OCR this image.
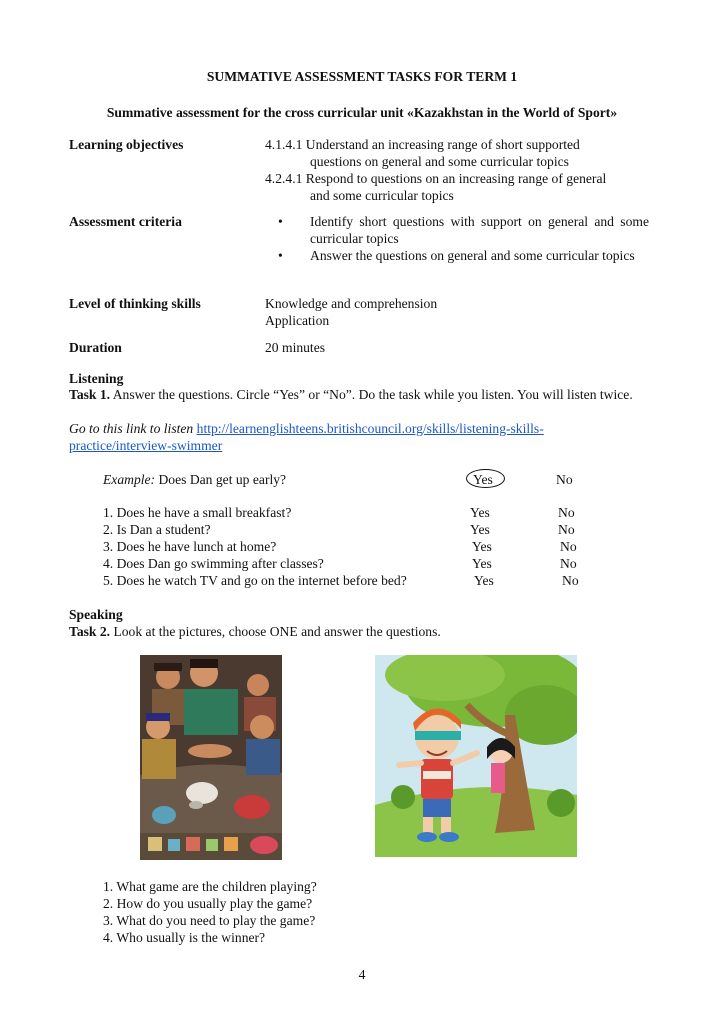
SUMMATIVE ASSESSMENT TASKS FOR TERM 1
Summative assessment for the cross curricular unit «Kazakhstan in the World of Sport»
Learning objectives	4.1.4.1 Understand an increasing range of short supported
questions on general and some curricular topics
4.2.4.1 Respond to questions on an increasing range of general
and some curricular topics
Assessment criteria	• Identify short questions with support on general and some curricular topics
• Answer the questions on general and some curricular topics
Level of thinking skills	Knowledge and comprehension
Application
Duration	20 minutes
Listening
Task 1. Answer the questions. Circle “Yes” or “No”. Do the task while you listen. You will listen twice.
Go to this link to listen http://learnenglishteens.britishcouncil.org/skills/listening-skills-
practice/interview-swimmer
Example: Does Dan get up early?	Yes	No
1. Does he have a small breakfast?	Yes	No
2. Is Dan a student?	Yes	No
3. Does he have lunch at home?	Yes	No
4. Does Dan go swimming after classes?	Yes	No
5. Does he watch TV and go on the internet before bed?	Yes	No
Speaking
Task 2. Look at the pictures, choose ONE and answer the questions.
1. What game are the children playing?
2. How do you usually play the game?
3. What do you need to play the game?
4. Who usually is the winner?
4
